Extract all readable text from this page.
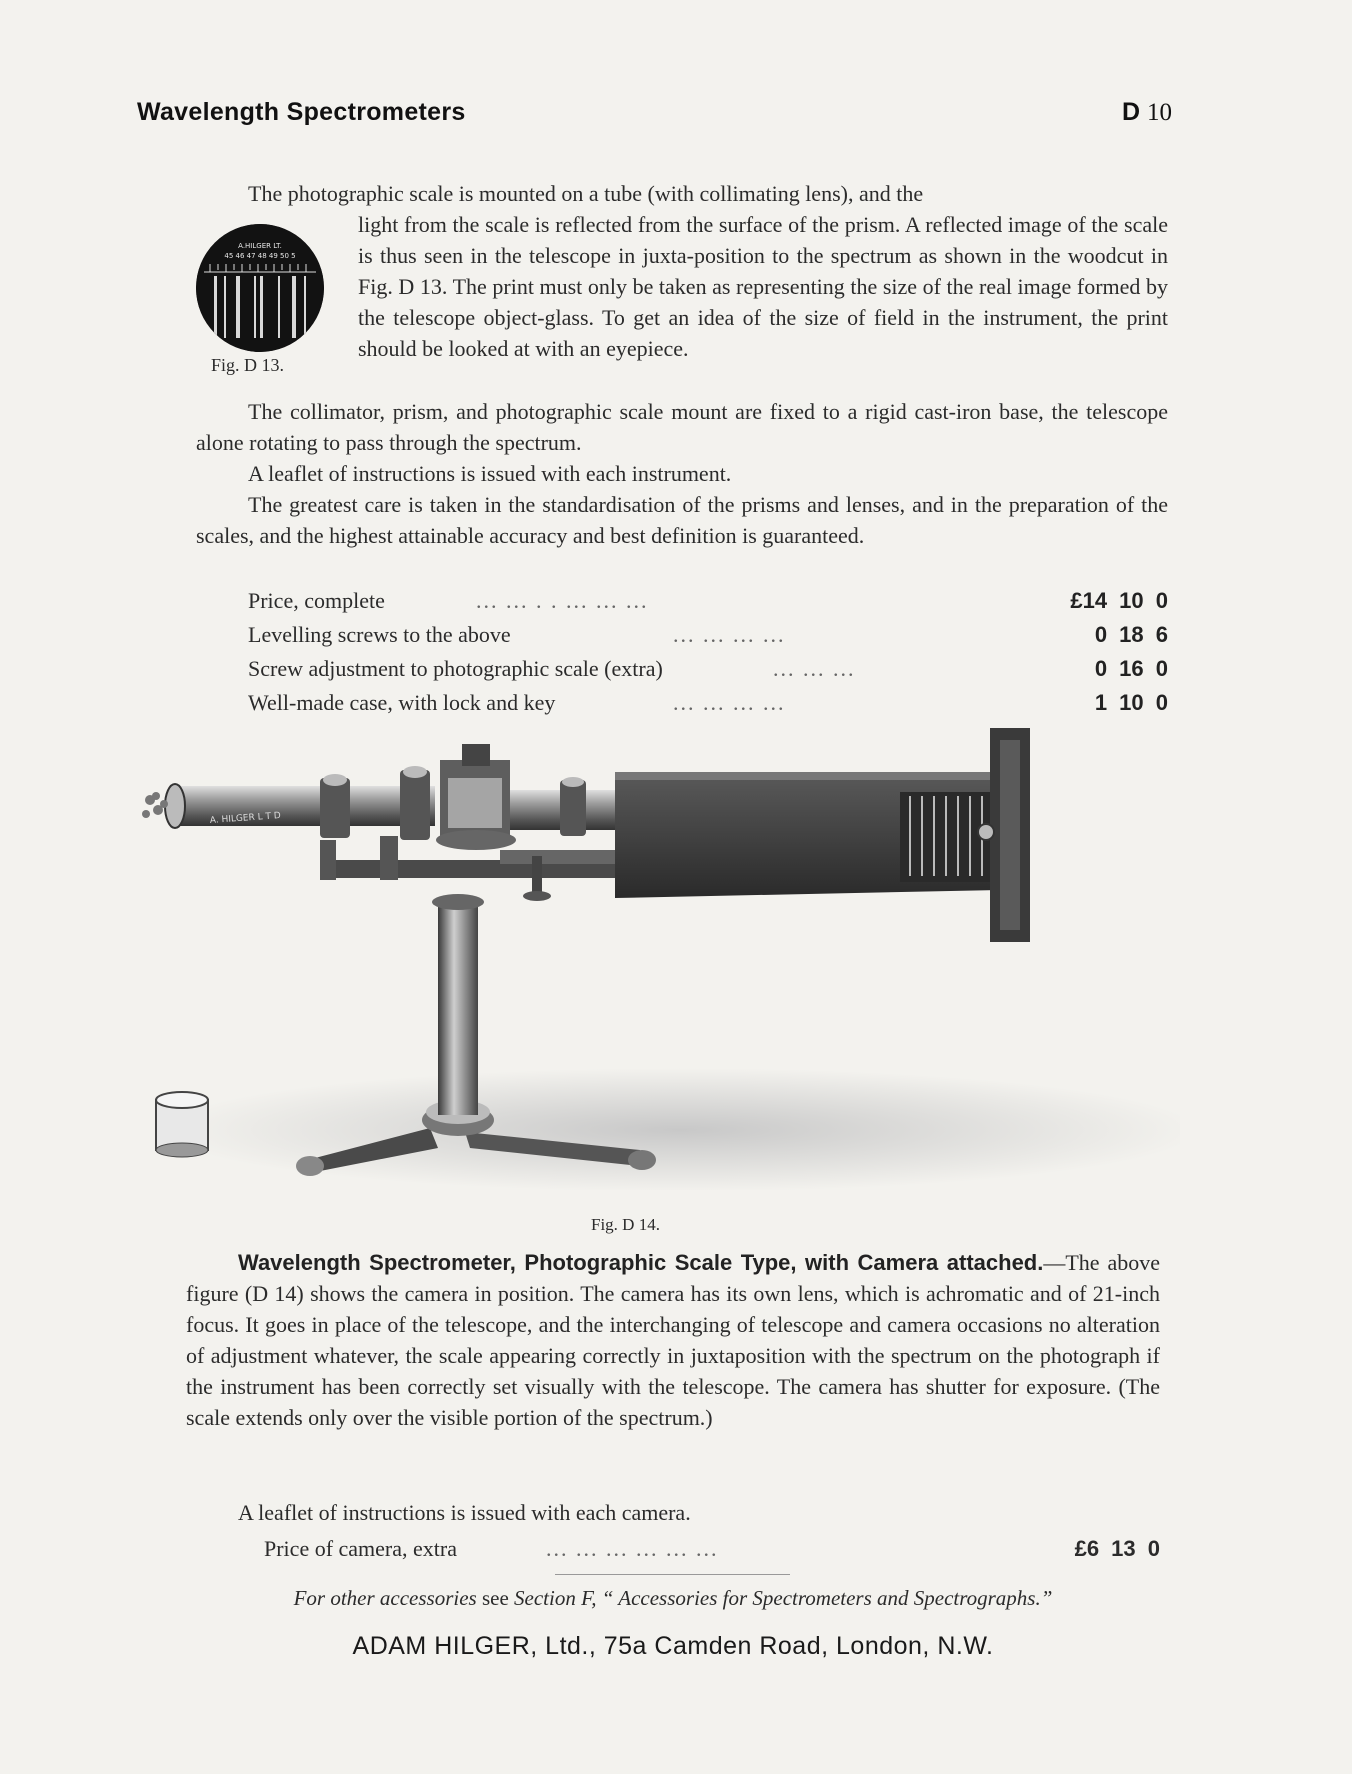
Wavelength Spectrometers	D 10
The photographic scale is mounted on a tube (with collimating lens), and the
light from the scale is reflected from the surface of the prism. A reflected image of the scale is thus seen in the telescope in juxta-position to the spectrum as shown in the woodcut in Fig. D 13. The print must only be taken as representing the size of the real image formed by the telescope object-glass. To get an idea of the size of field in the instrument, the print should be looked at with an eyepiece.
A.HILGER LT.
45 46 47 48 49 50 5
Fig. D 13.
The collimator, prism, and photographic scale mount are fixed to a rigid cast-iron base, the telescope alone rotating to pass through the spectrum.
A leaflet of instructions is issued with each instrument.
The greatest care is taken in the standardisation of the prisms and lenses, and in the preparation of the scales, and the highest attainable accuracy and best definition is guaranteed.
Price, complete	... ... . . ... ... ...	£14 10 0
Levelling screws to the above	... ... ... ...	0 18 6
Screw adjustment to photographic scale (extra)	... ... ...	0 16 0
Well-made case, with lock and key	... ... ... ...	1 10 0
A. HILGER L T D
Fig. D 14.
Wavelength Spectrometer, Photographic Scale Type, with Camera attached.—The above figure (D 14) shows the camera in position. The camera has its own lens, which is achromatic and of 21-inch focus. It goes in place of the telescope, and the interchanging of telescope and camera occasions no alteration of adjustment whatever, the scale appearing correctly in juxtaposition with the spectrum on the photograph if the instrument has been correctly set visually with the telescope. The camera has shutter for exposure. (The scale extends only over the visible portion of the spectrum.)
A leaflet of instructions is issued with each camera.
Price of camera, extra	... ... ... ... ... ...	£6 13 0
For other accessories see Section F, “ Accessories for Spectrometers and Spectrographs.”
ADAM HILGER, Ltd., 75a Camden Road, London, N.W.
